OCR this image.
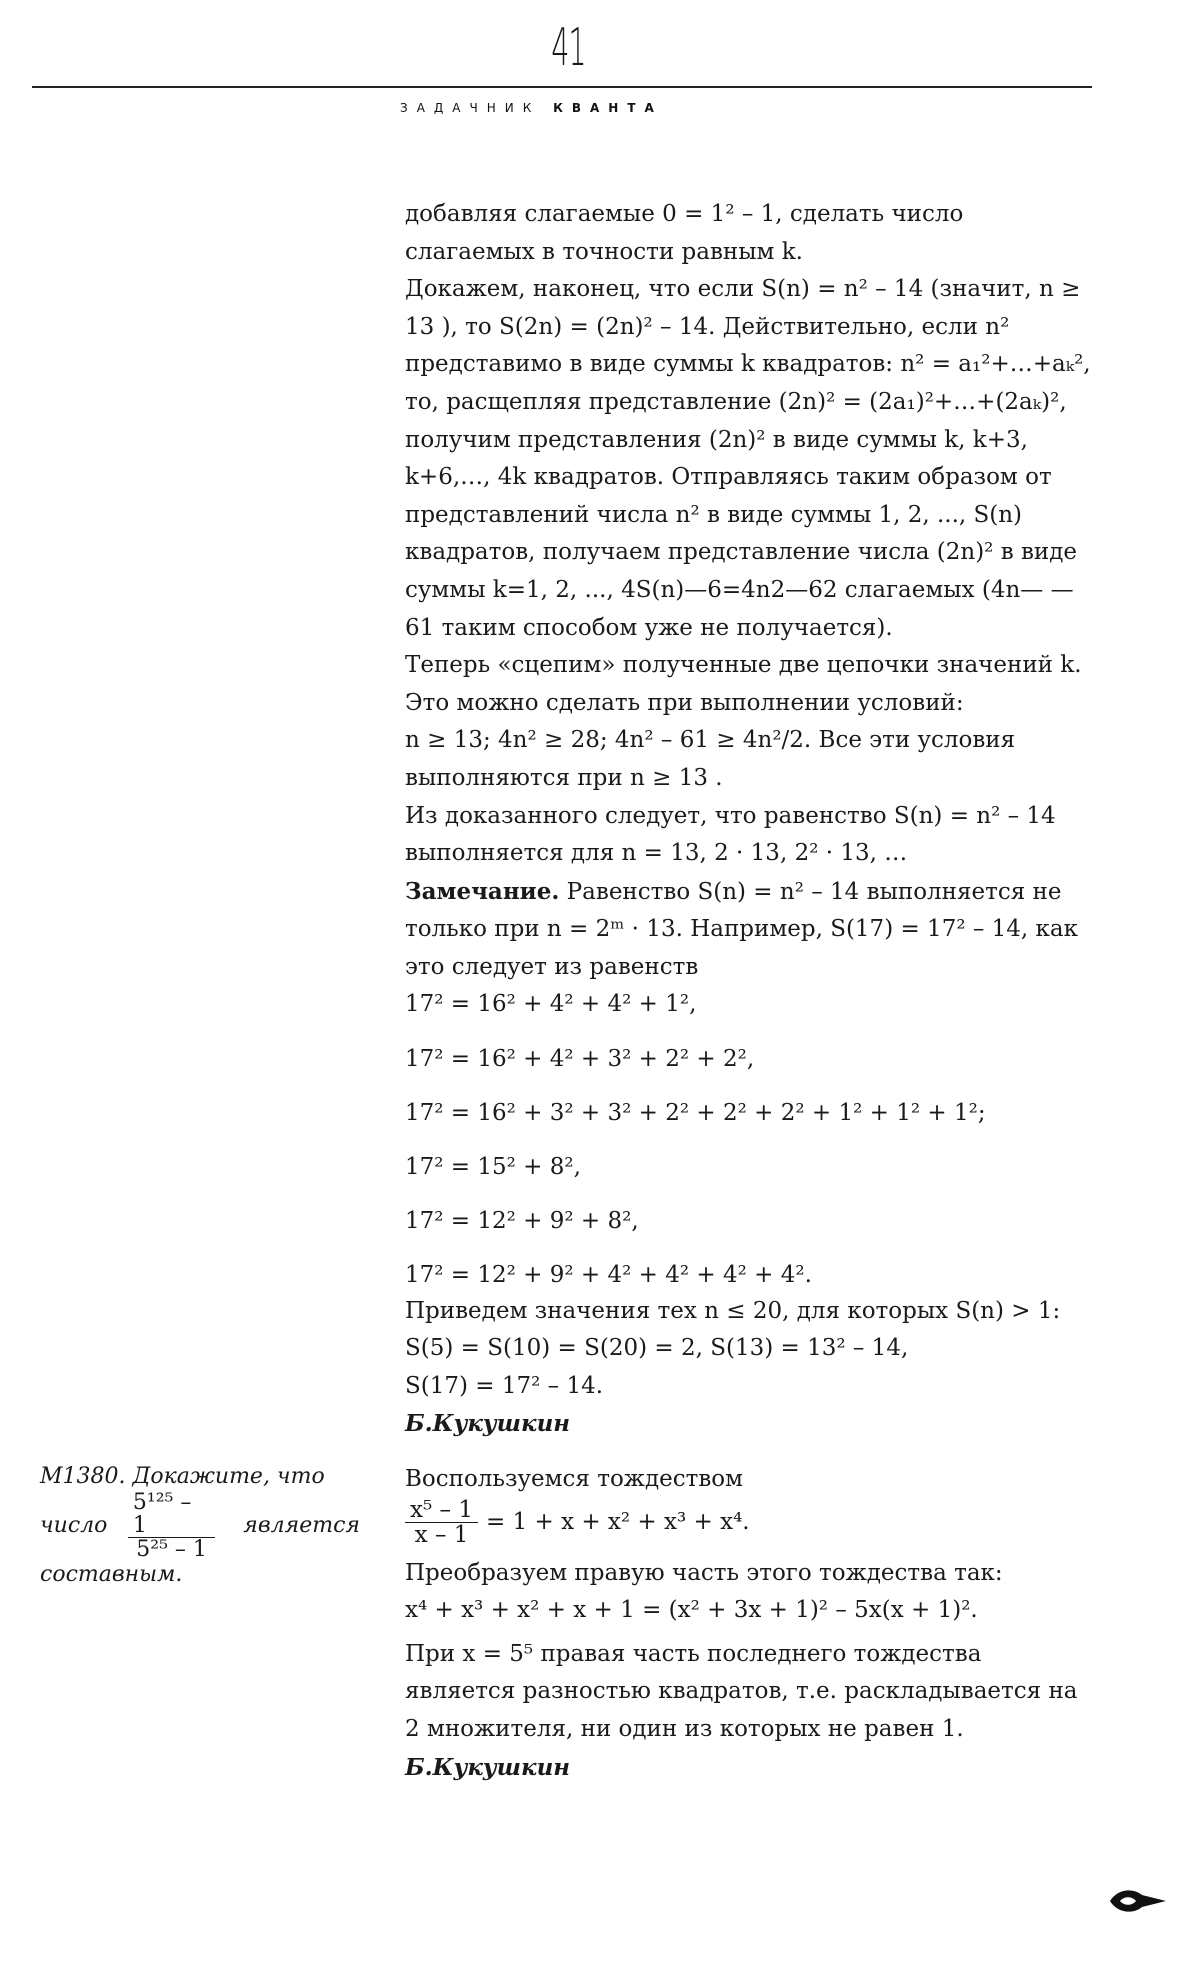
41
ЗАДАЧНИК КВАНТА

добавляя слагаемые 0 = 1² – 1, сделать число слагаемых в точности равным k.

Докажем, наконец, что если S(n) = n² – 14 (значит, n ≥ 13 ), то S(2n) = (2n)² – 14. Действительно, если n² представимо в виде суммы k квадратов: n² = a₁²+…+aₖ², то, расщепляя представление (2n)² = (2a₁)²+…+(2aₖ)², получим представления (2n)² в виде суммы k, k+3, k+6,…, 4k квадратов. Отправляясь таким образом от представлений числа n² в виде суммы 1, 2, ..., S(n) квадратов, получаем представление числа (2n)² в виде суммы k=1, 2, ..., 4S(n)—6=4n2—62 слагаемых (4n— —61 таким способом уже не получается).

Теперь «сцепим» полученные две цепочки значений k.

Это можно сделать при выполнении условий:

n ≥ 13; 4n² ≥ 28; 4n² – 61 ≥ 4n²/2. Все эти условия выполняются при n ≥ 13 .

Из доказанного следует, что равенство S(n) = n² – 14 выполняется для n = 13, 2 · 13, 2² · 13, …

Замечание. Равенство S(n) = n² – 14 выполняется не только при n = 2ᵐ · 13. Например, S(17) = 17² – 14, как это следует из равенств

17² = 16² + 4² + 4² + 1²,

17² = 16² + 4² + 3² + 2² + 2²,

17² = 16² + 3² + 3² + 2² + 2² + 2² + 1² + 1² + 1²;

17² = 15² + 8²,

17² = 12² + 9² + 8²,

17² = 12² + 9² + 4² + 4² + 4² + 4².

Приведем значения тех n ≤ 20, для которых S(n) > 1:

S(5) = S(10) = S(20) = 2, S(13) = 13² – 14,

S(17) = 17² – 14.

Б.Кукушкин

М1380. Докажите, что

число $\frac{\text{5¹²⁵ – 1}}{\text{5²⁵ – 1}}$ является

составным.

Воспользуемся тождеством

$\frac{\text{x⁵ – 1}}{x - 1} = 1 + x + x^2 + x^3 + x^4$.

Преобразуем правую часть этого тождества так:

x⁴ + x³ + x² + x + 1 = (x² + 3x + 1)² – 5x(x + 1)².

При x = 5⁵ правая часть последнего тождества является разностью квадратов, т.е. раскладывается на 2 множителя, ни один из которых не равен 1.

Б.Кукушкин
